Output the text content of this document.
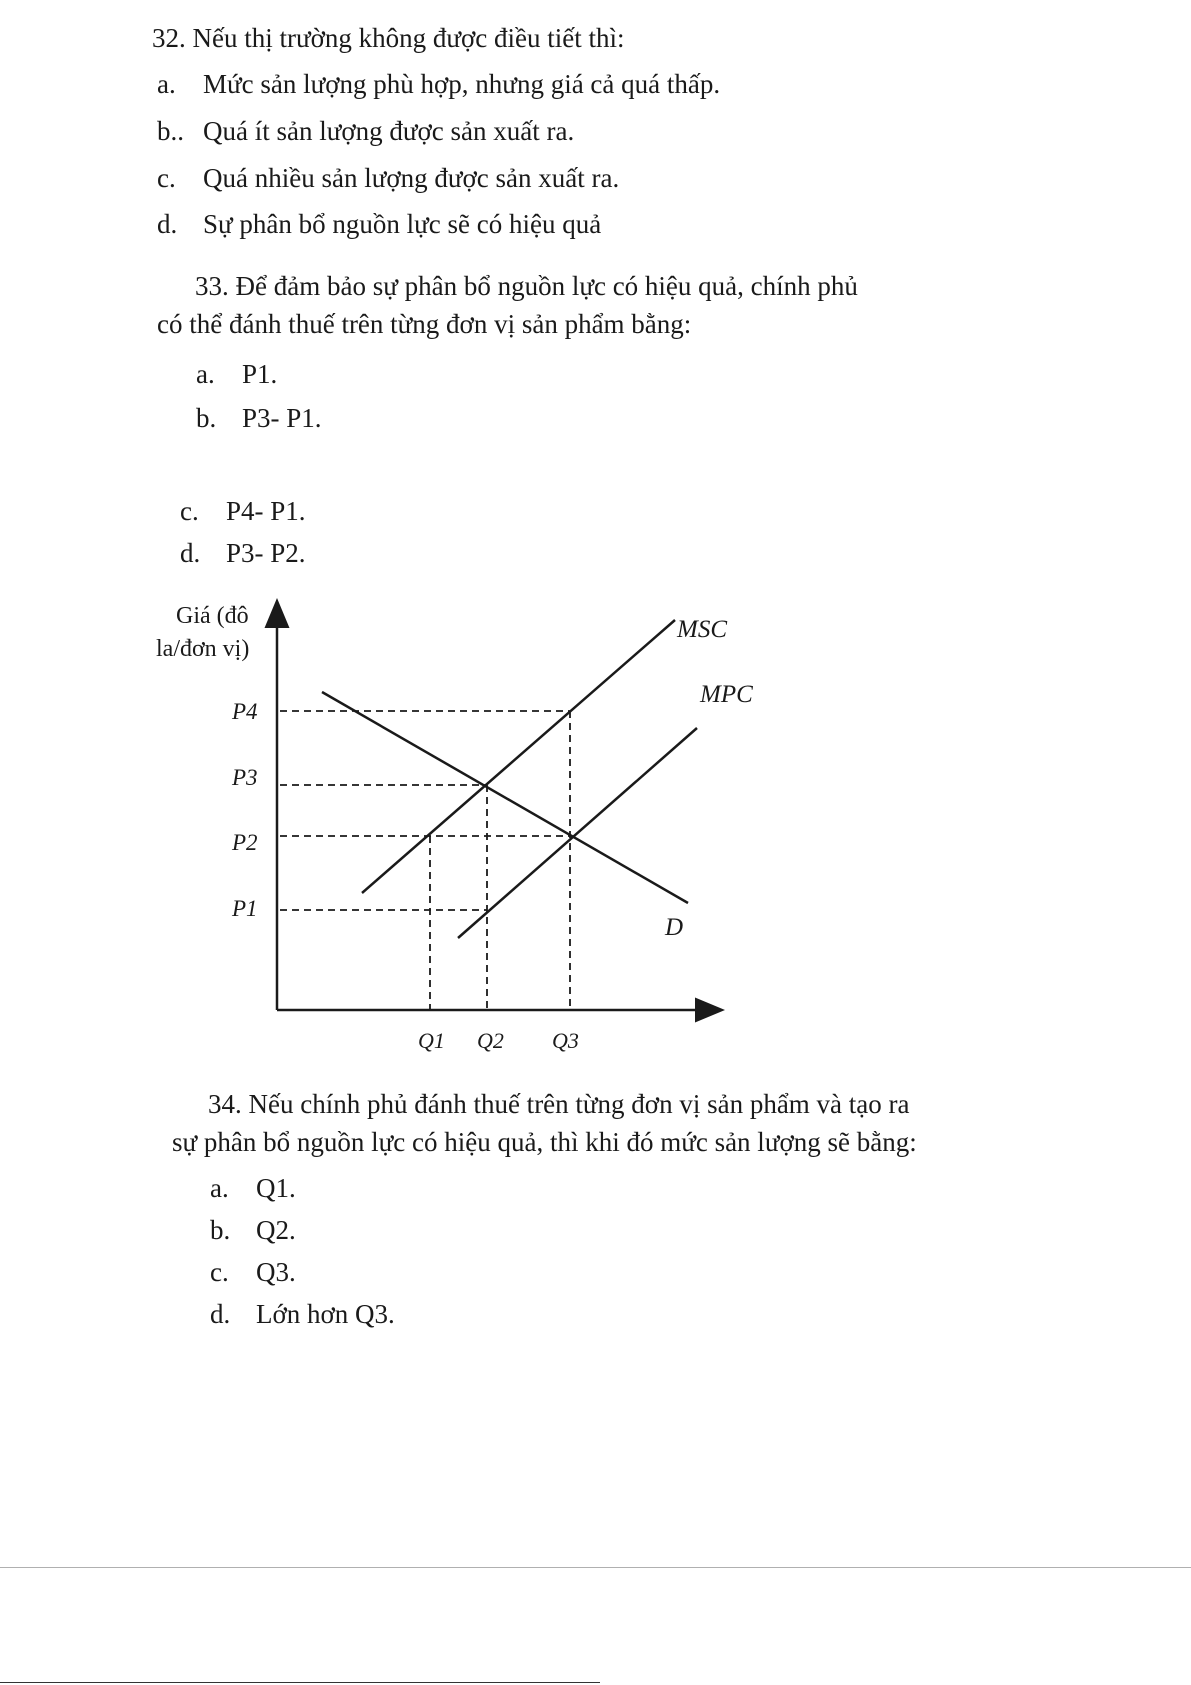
32. Nếu thị trường không được điều tiết thì:
a. Mức sản lượng phù hợp, nhưng giá cả quá thấp.
b.. Quá ít sản lượng được sản xuất ra.
c. Quá nhiều sản lượng được sản xuất ra.
d. Sự phân bổ nguồn lực sẽ có hiệu quả
33. Để đảm bảo sự phân bổ nguồn lực có hiệu quả, chính phủ
có thể đánh thuế trên từng đơn vị sản phẩm bằng:
a. P1.
b. P3- P1.
c. P4- P1.
d. P3- P2.
Giá (đô
la/đơn vị)
P4
P3
P2
P1
Q1 Q2 Q3
MSC
MPC
D
34. Nếu chính phủ đánh thuế trên từng đơn vị sản phẩm và tạo ra
sự phân bổ nguồn lực có hiệu quả, thì khi đó mức sản lượng sẽ bằng:
a. Q1.
b. Q2.
c. Q3.
d. Lớn hơn Q3.
